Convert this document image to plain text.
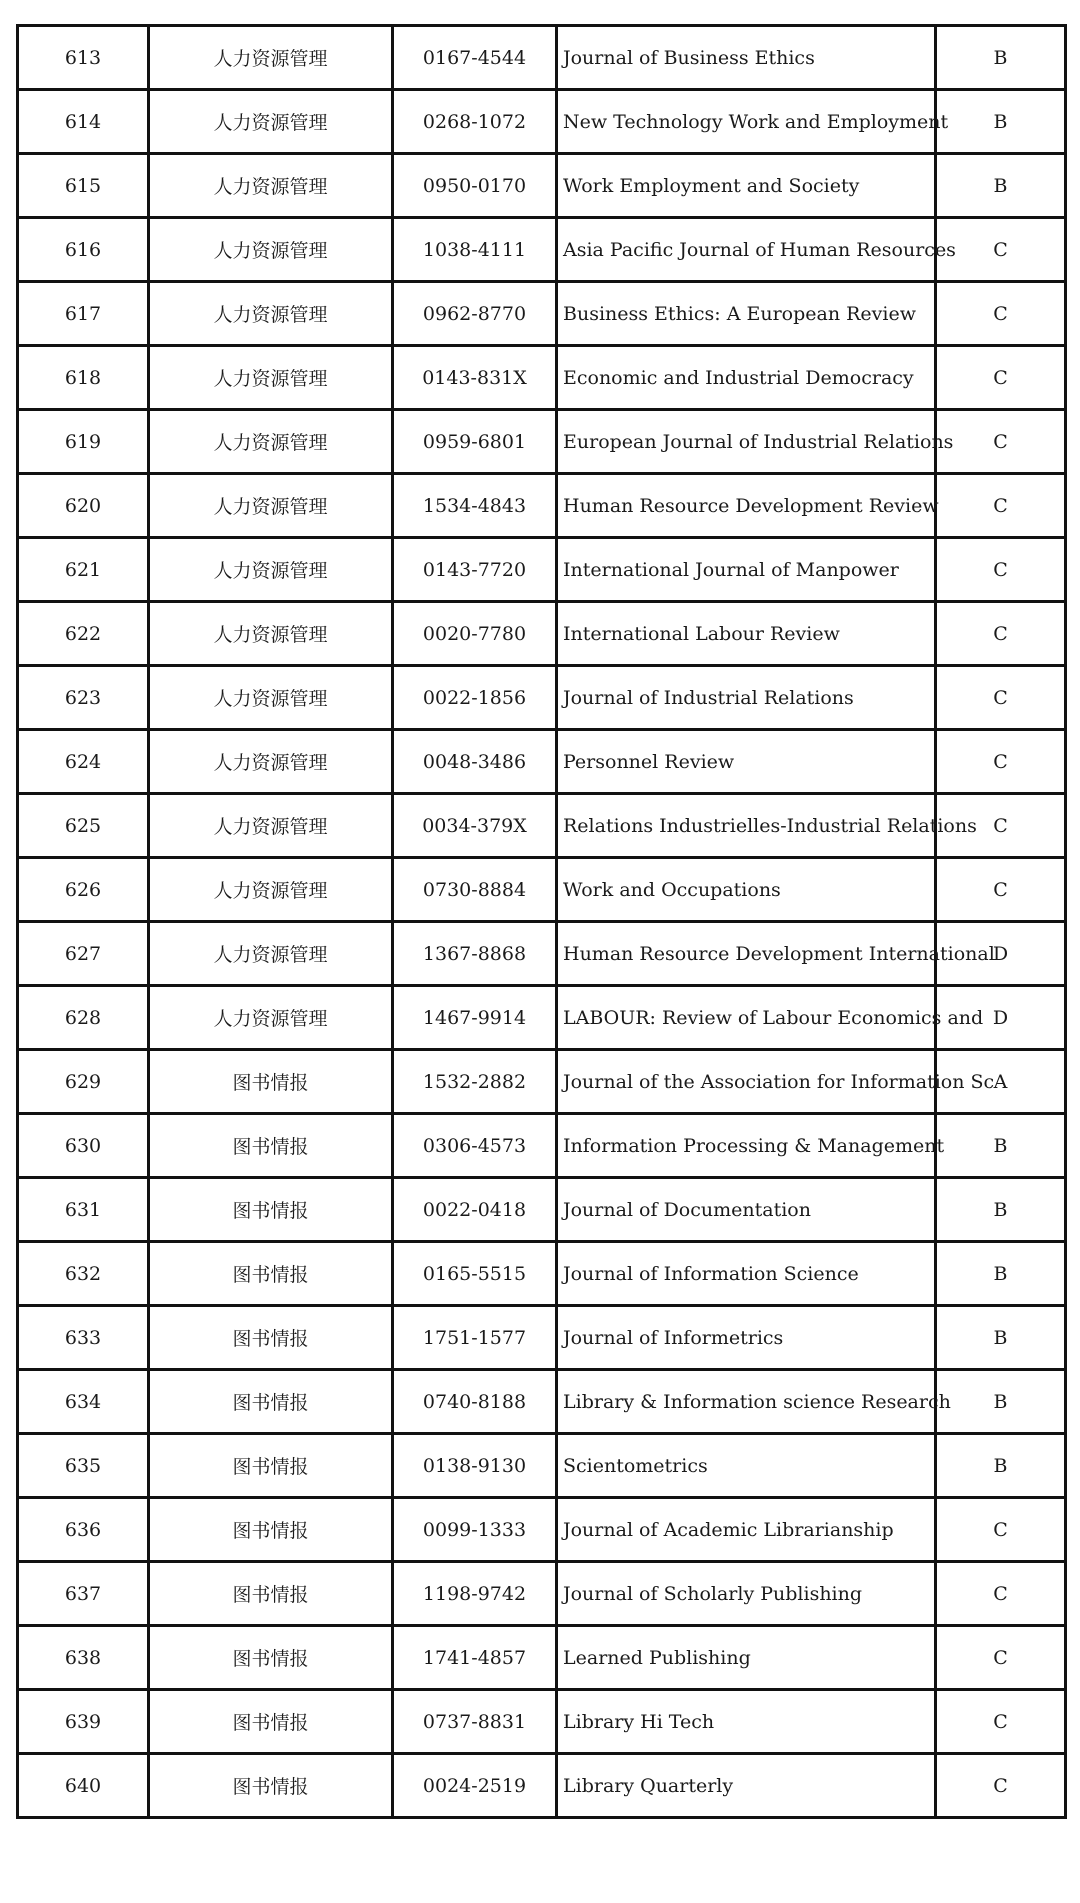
613	人力资源管理	0167-4544	Journal of Business Ethics	B
614	人力资源管理	0268-1072	New Technology Work and Employment	B
615	人力资源管理	0950-0170	Work Employment and Society	B
616	人力资源管理	1038-4111	Asia Pacific Journal of Human Resources	C
617	人力资源管理	0962-8770	Business Ethics: A European Review	C
618	人力资源管理	0143-831X	Economic and Industrial Democracy	C
619	人力资源管理	0959-6801	European Journal of Industrial Relations	C
620	人力资源管理	1534-4843	Human Resource Development Review	C
621	人力资源管理	0143-7720	International Journal of Manpower	C
622	人力资源管理	0020-7780	International Labour Review	C
623	人力资源管理	0022-1856	Journal of Industrial Relations	C
624	人力资源管理	0048-3486	Personnel Review	C
625	人力资源管理	0034-379X	Relations Industrielles-Industrial Relations	C
626	人力资源管理	0730-8884	Work and Occupations	C
627	人力资源管理	1367-8868	Human Resource Development International	D
628	人力资源管理	1467-9914	LABOUR: Review of Labour Economics and	D
629	图书情报	1532-2882	Journal of the Association for Information Sc	A
630	图书情报	0306-4573	Information Processing & Management	B
631	图书情报	0022-0418	Journal of Documentation	B
632	图书情报	0165-5515	Journal of Information Science	B
633	图书情报	1751-1577	Journal of Informetrics	B
634	图书情报	0740-8188	Library & Information science Research	B
635	图书情报	0138-9130	Scientometrics	B
636	图书情报	0099-1333	Journal of Academic Librarianship	C
637	图书情报	1198-9742	Journal of Scholarly Publishing	C
638	图书情报	1741-4857	Learned Publishing	C
639	图书情报	0737-8831	Library Hi Tech	C
640	图书情报	0024-2519	Library Quarterly	C
